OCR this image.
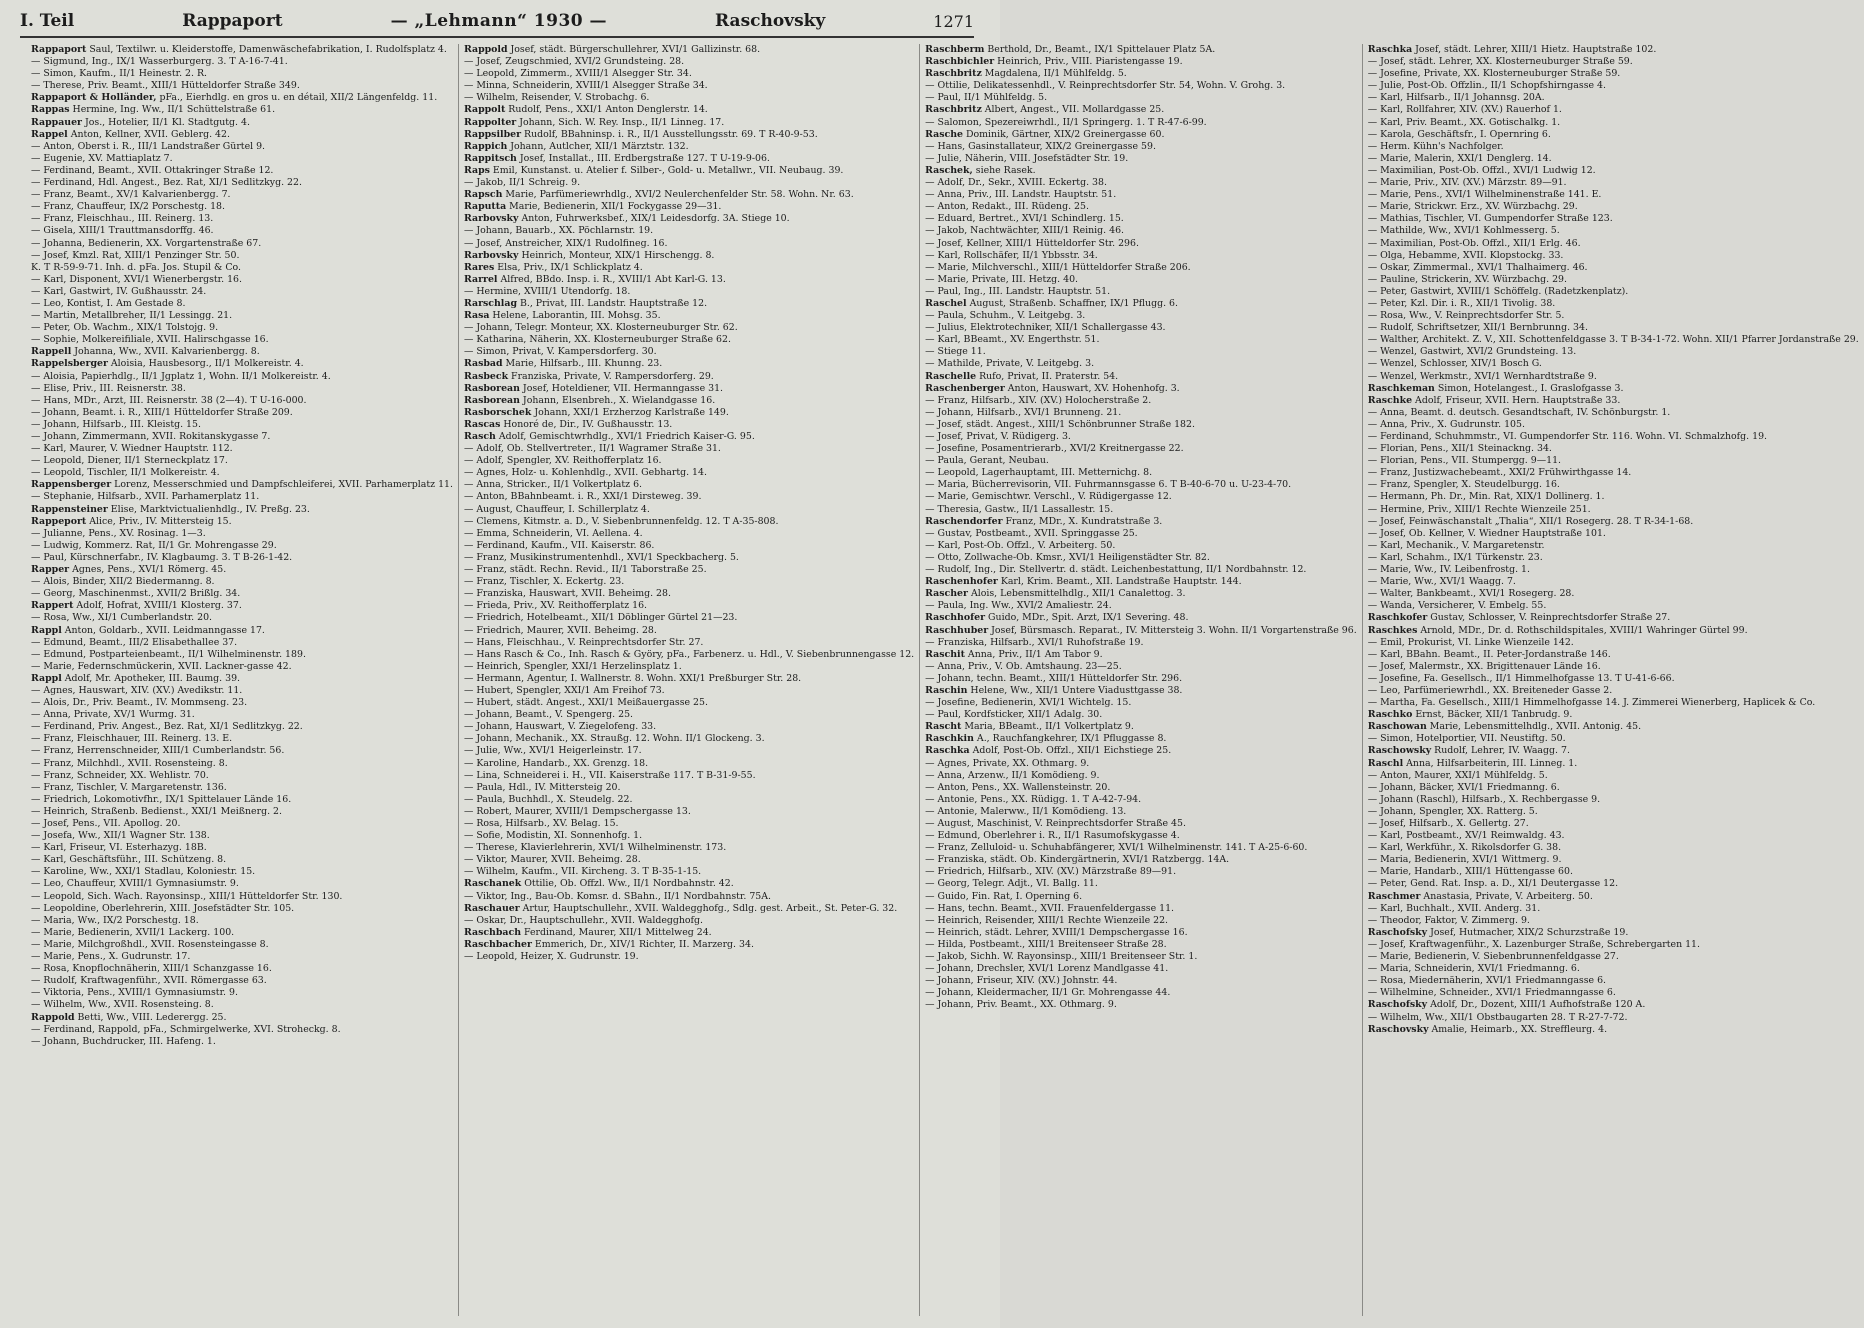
I. Teil	Rappaport	— „Lehmann“ 1930 —	Raschovsky	1271
Rappaport Saul, Textilwr. u. Kleiderstoffe, Damenwäschefabrikation, I. Rudolfsplatz 4.
— Sigmund, Ing., IX/1 Wasserburgerg. 3. T A-16-7-41.
— Simon, Kaufm., II/1 Heinestr. 2. R.
— Therese, Priv. Beamt., XIII/1 Hütteldorfer Straße 349.
Rappaport & Holländer, pFa., Eierhdlg. en gros u. en détail, XII/2 Längenfeldg. 11.
Rappas Hermine, Ing. Ww., II/1 Schüttelstraße 61.
Rappauer Jos., Hotelier, II/1 Kl. Stadtgutg. 4.
Rappel Anton, Kellner, XVII. Geblerg. 42.
— Anton, Oberst i. R., III/1 Landstraßer Gürtel 9.
— Eugenie, XV. Mattiaplatz 7.
— Ferdinand, Beamt., XVII. Ottakringer Straße 12.
— Ferdinand, Hdl. Angest., Bez. Rat, XI/1 Sedlitzkyg. 22.
— Franz, Beamt., XV/1 Kalvarienbergg. 7.
— Franz, Chauffeur, IX/2 Porschestg. 18.
— Franz, Fleischhau., III. Reinerg. 13.
— Gisela, XIII/1 Trauttmansdorffg. 46.
— Johanna, Bedienerin, XX. Vorgartenstraße 67.
— Josef, Kmzl. Rat, XIII/1 Penzinger Str. 50.
K. T R-59-9-71. Inh. d. pFa. Jos. Stupil & Co.
— Karl, Disponent, XVI/1 Wienerbergstr. 16.
— Karl, Gastwirt, IV. Gußhausstr. 24.
— Leo, Kontist, I. Am Gestade 8.
— Martin, Metallbreher, II/1 Lessingg. 21.
— Peter, Ob. Wachm., XIX/1 Tolstojg. 9.
— Sophie, Molkereifiliale, XVII. Halirschgasse 16.
Rappell Johanna, Ww., XVII. Kalvarienbergg. 8.
Rappelsberger Aloisia, Hausbesorg., II/1 Molkereistr. 4.
— Aloisia, Papierhdlg., II/1 Jgplatz 1, Wohn. II/1 Molkereistr. 4.
— Elise, Priv., III. Reisnerstr. 38.
— Hans, MDr., Arzt, III. Reisnerstr. 38 (2—4). T U-16-000.
— Johann, Beamt. i. R., XIII/1 Hütteldorfer Straße 209.
— Johann, Hilfsarb., III. Kleistg. 15.
— Johann, Zimmermann, XVII. Rokitanskygasse 7.
— Karl, Maurer, V. Wiedner Hauptstr. 112.
— Leopold, Diener, II/1 Sterneckplatz 17.
— Leopold, Tischler, II/1 Molkereistr. 4.
Rappensberger Lorenz, Messerschmied und Dampfschleiferei, XVII. Parhamerplatz 11.
— Stephanie, Hilfsarb., XVII. Parhamerplatz 11.
Rappensteiner Elise, Marktvictualienhdlg., IV. Preßg. 23.
Rappeport Alice, Priv., IV. Mittersteig 15.
— Julianne, Pens., XV. Rosinag. 1—3.
— Ludwig, Kommerz. Rat, II/1 Gr. Mohrengasse 29.
— Paul, Kürschnerfabr., IV. Klagbaumg. 3. T B-26-1-42.
Rapper Agnes, Pens., XVI/1 Römerg. 45.
— Alois, Binder, XII/2 Biedermanng. 8.
— Georg, Maschinenmst., XVII/2 Brißlg. 34.
Rappert Adolf, Hofrat, XVIII/1 Klosterg. 37.
— Rosa, Ww., XI/1 Cumberlandstr. 20.
Rappl Anton, Goldarb., XVII. Leidmanngasse 17.
— Edmund, Beamt., III/2 Elisabethallee 37.
— Edmund, Postparteienbeamt., II/1 Wilhelminenstr. 189.
— Marie, Federnschmückerin, XVII. Lackner-gasse 42.
Rappl Adolf, Mr. Apotheker, III. Baumg. 39.
— Agnes, Hauswart, XIV. (XV.) Avedikstr. 11.
— Alois, Dr., Priv. Beamt., IV. Mommseng. 23.
— Anna, Private, XV/1 Wurmg. 31.
— Ferdinand, Priv. Angest., Bez. Rat, XI/1 Sedlitzkyg. 22.
— Franz, Fleischhauer, III. Reinerg. 13. E.
— Franz, Herrenschneider, XIII/1 Cumberlandstr. 56.
— Franz, Milchhdl., XVII. Rosensteing. 8.
— Franz, Schneider, XX. Wehlistr. 70.
— Franz, Tischler, V. Margaretenstr. 136.
— Friedrich, Lokomotivfhr., IX/1 Spittelauer Lände 16.
— Heinrich, Straßenb. Bedienst., XXI/1 Meißnerg. 2.
— Josef, Pens., VII. Apollog. 20.
— Josefa, Ww., XII/1 Wagner Str. 138.
— Karl, Friseur, VI. Esterhazyg. 18B.
— Karl, Geschäftsführ., III. Schützeng. 8.
— Karoline, Ww., XXI/1 Stadlau, Koloniestr. 15.
— Leo, Chauffeur, XVIII/1 Gymnasiumstr. 9.
— Leopold, Sich. Wach. Rayonsinsp., XIII/1 Hütteldorfer Str. 130.
— Leopoldine, Oberlehrerin, XIII. Josefstädter Str. 105.
— Maria, Ww., IX/2 Porschestg. 18.
— Marie, Bedienerin, XVII/1 Lackerg. 100.
— Marie, Milchgroßhdl., XVII. Rosensteingasse 8.
— Marie, Pens., X. Gudrunstr. 17.
— Rosa, Knopflochnäherin, XIII/1 Schanzgasse 16.
— Rudolf, Kraftwagenführ., XVII. Römergasse 63.
— Viktoria, Pens., XVIII/1 Gymnasiumstr. 9.
— Wilhelm, Ww., XVII. Rosensteing. 8.
Rappold Betti, Ww., VIII. Lederergg. 25.
— Ferdinand, Rappold, pFa., Schmirgelwerke, XVI. Stroheckg. 8.
— Johann, Buchdrucker, III. Hafeng. 1.
Rappold Josef, städt. Bürgerschullehrer, XVI/1 Gallizinstr. 68.
— Josef, Zeugschmied, XVI/2 Grundsteing. 28.
— Leopold, Zimmerm., XVIII/1 Alsegger Str. 34.
— Minna, Schneiderin, XVIII/1 Alsegger Straße 34.
— Wilhelm, Reisender, V. Strobachg. 6.
Rappolt Rudolf, Pens., XXI/1 Anton Denglerstr. 14.
Rappolter Johann, Sich. W. Rey. Insp., II/1 Linneg. 17.
Rappsilber Rudolf, BBahninsp. i. R., II/1 Ausstellungsstr. 69. T R-40-9-53.
Rappich Johann, Autlcher, XII/1 Märztstr. 132.
Rappitsch Josef, Installat., III. Erdbergstraße 127. T U-19-9-06.
Raps Emil, Kunstanst. u. Atelier f. Silber-, Gold- u. Metallwr., VII. Neubaug. 39.
— Jakob, II/1 Schreig. 9.
Rapsch Marie, Parfümeriewrhdlg., XVI/2 Neulerchenfelder Str. 58. Wohn. Nr. 63.
Raputta Marie, Bedienerin, XII/1 Fockygasse 29—31.
Rarbovsky Anton, Fuhrwerksbef., XIX/1 Leidesdorfg. 3A. Stiege 10.
— Johann, Bauarb., XX. Pöchlarnstr. 19.
— Josef, Anstreicher, XIX/1 Rudolfineg. 16.
Rarbovsky Heinrich, Monteur, XIX/1 Hirschengg. 8.
Rares Elsa, Priv., IX/1 Schlickplatz 4.
Rarrel Alfred, BBdo. Insp. i. R., XVIII/1 Abt Karl-G. 13.
— Hermine, XVIII/1 Utendorfg. 18.
Rarschlag B., Privat, III. Landstr. Hauptstraße 12.
Rasa Helene, Laborantin, III. Mohsg. 35.
— Johann, Telegr. Monteur, XX. Klosterneuburger Str. 62.
— Katharina, Näherin, XX. Klosterneuburger Straße 62.
— Simon, Privat, V. Kampersdorferg. 30.
Rasbad Marie, Hilfsarb., III. Khunng. 23.
Rasbeck Franziska, Private, V. Rampersdorferg. 29.
Rasborean Josef, Hoteldiener, VII. Hermanngasse 31.
Rasborean Johann, Elsenbreh., X. Wielandgasse 16.
Rasborschek Johann, XXI/1 Erzherzog Karlstraße 149.
Rascas Honoré de, Dir., IV. Gußhausstr. 13.
Rasch Adolf, Gemischtwrhdlg., XVI/1 Friedrich Kaiser-G. 95.
— Adolf, Ob. Stellvertreter., II/1 Wagramer Straße 31.
— Adolf, Spengler, XV. Reithofferplatz 16.
— Agnes, Holz- u. Kohlenhdlg., XVII. Gebhartg. 14.
— Anna, Stricker., II/1 Volkertplatz 6.
— Anton, BBahnbeamt. i. R., XXI/1 Dirsteweg. 39.
— August, Chauffeur, I. Schillerplatz 4.
— Clemens, Kitmstr. a. D., V. Siebenbrunnenfeldg. 12. T A-35-808.
— Emma, Schneiderin, VI. Aellena. 4.
— Ferdinand, Kaufm., VII. Kaiserstr. 86.
— Franz, Musikinstrumentenhdl., XVI/1 Speckbacherg. 5.
— Franz, städt. Rechn. Revid., II/1 Taborstraße 25.
— Franz, Tischler, X. Eckertg. 23.
— Franziska, Hauswart, XVII. Beheimg. 28.
— Frieda, Priv., XV. Reithofferplatz 16.
— Friedrich, Hotelbeamt., XII/1 Döblinger Gürtel 21—23.
— Friedrich, Maurer, XVII. Beheimg. 28.
— Hans, Fleischhau., V. Reinprechtsdorfer Str. 27.
— Hans Rasch & Co., Inh. Rasch & Györy, pFa., Farbenerz. u. Hdl., V. Siebenbrunnengasse 12.
— Heinrich, Spengler, XXI/1 Herzelinsplatz 1.
— Hermann, Agentur, I. Wallnerstr. 8. Wohn. XXI/1 Preßburger Str. 28.
— Hubert, Spengler, XXI/1 Am Freihof 73.
— Hubert, städt. Angest., XXI/1 Meißauergasse 25.
— Johann, Beamt., V. Spengerg. 25.
— Johann, Hauswart, V. Ziegelofeng. 33.
— Johann, Mechanik., XX. Straußg. 12. Wohn. II/1 Glockeng. 3.
— Julie, Ww., XVI/1 Heigerleinstr. 17.
— Karoline, Handarb., XX. Grenzg. 18.
— Lina, Schneiderei i. H., VII. Kaiserstraße 117. T B-31-9-55.
— Paula, Hdl., IV. Mittersteig 20.
— Paula, Buchhdl., X. Steudelg. 22.
— Robert, Maurer, XVIII/1 Dempschergasse 13.
— Rosa, Hilfsarb., XV. Belag. 15.
— Sofie, Modistin, XI. Sonnenhofg. 1.
— Therese, Klavierlehrerin, XVI/1 Wilhelminenstr. 173.
— Viktor, Maurer, XVII. Beheimg. 28.
— Wilhelm, Kaufm., VII. Kircheng. 3. T B-35-1-15.
Raschanek Ottilie, Ob. Offzl. Ww., II/1 Nordbahnstr. 42.
— Viktor, Ing., Bau-Ob. Komsr. d. SBahn., II/1 Nordbahnstr. 75A.
Raschauer Artur, Hauptschullehr., XVII. Waldegghofg., Sdlg. gest. Arbeit., St. Peter-G. 32.
— Oskar, Dr., Hauptschullehr., XVII. Waldegghofg.
Raschbach Ferdinand, Maurer, XII/1 Mittelweg 24.
Raschbacher Emmerich, Dr., XIV/1 Richter, II. Marzerg. 34.
— Leopold, Heizer, X. Gudrunstr. 19.
Raschberm Berthold, Dr., Beamt., IX/1 Spittelauer Platz 5A.
Raschbichler Heinrich, Priv., VIII. Piaristengasse 19.
Raschbritz Magdalena, II/1 Mühlfeldg. 5.
— Ottilie, Delikatessenhdl., V. Reinprechtsdorfer Str. 54, Wohn. V. Grohg. 3.
— Paul, II/1 Mühlfeldg. 5.
Raschbritz Albert, Angest., VII. Mollardgasse 25.
— Salomon, Spezereiwrhdl., II/1 Springerg. 1. T R-47-6-99.
Rasche Dominik, Gärtner, XIX/2 Greinergasse 60.
— Hans, Gasinstallateur, XIX/2 Greinergasse 59.
— Julie, Näherin, VIII. Josefstädter Str. 19.
Raschek, siehe Rasek.
— Adolf, Dr., Sekr., XVIII. Eckertg. 38.
— Anna, Priv., III. Landstr. Hauptstr. 51.
— Anton, Redakt., III. Rüdeng. 25.
— Eduard, Bertret., XVI/1 Schindlerg. 15.
— Jakob, Nachtwächter, XIII/1 Reinig. 46.
— Josef, Kellner, XIII/1 Hütteldorfer Str. 296.
— Karl, Rollschäfer, II/1 Ybbsstr. 34.
— Marie, Milchverschl., XIII/1 Hütteldorfer Straße 206.
— Marie, Private, III. Hetzg. 40.
— Paul, Ing., III. Landstr. Hauptstr. 51.
Raschel August, Straßenb. Schaffner, IX/1 Pflugg. 6.
— Paula, Schuhm., V. Leitgebg. 3.
— Julius, Elektrotechniker, XII/1 Schallergasse 43.
— Karl, BBeamt., XV. Engerthstr. 51.
— Stiege 11.
— Mathilde, Private, V. Leitgebg. 3.
Raschelle Rufo, Privat, II. Praterstr. 54.
Raschenberger Anton, Hauswart, XV. Hohenhofg. 3.
— Franz, Hilfsarb., XIV. (XV.) Holocherstraße 2.
— Johann, Hilfsarb., XVI/1 Brunneng. 21.
— Josef, städt. Angest., XIII/1 Schönbrunner Straße 182.
— Josef, Privat, V. Rüdigerg. 3.
— Josefine, Posamentrierarb., XVI/2 Kreitnergasse 22.
— Paula, Gerant, Neubau.
— Leopold, Lagerhauptamt, III. Metternichg. 8.
— Maria, Bücherrevisorin, VII. Fuhrmannsgasse 6. T B-40-6-70 u. U-23-4-70.
— Marie, Gemischtwr. Verschl., V. Rüdigergasse 12.
— Theresia, Gastw., II/1 Lassallestr. 15.
Raschendorfer Franz, MDr., X. Kundratstraße 3.
— Gustav, Postbeamt., XVII. Springgasse 25.
— Karl, Post-Ob. Offzl., V. Arbeiterg. 50.
— Otto, Zollwache-Ob. Kmsr., XVI/1 Heiligenstädter Str. 82.
— Rudolf, Ing., Dir. Stellvertr. d. städt. Leichenbestattung, II/1 Nordbahnstr. 12.
Raschenhofer Karl, Krim. Beamt., XII. Landstraße Hauptstr. 144.
Rascher Alois, Lebensmittelhdlg., XII/1 Canalettog. 3.
— Paula, Ing. Ww., XVI/2 Amaliestr. 24.
Raschhofer Guido, MDr., Spit. Arzt, IX/1 Severing. 48.
Raschhuber Josef, Bürsmasch. Reparat., IV. Mittersteig 3. Wohn. II/1 Vorgartenstraße 96.
— Franziska, Hilfsarb., XVI/1 Ruhofstraße 19.
Raschit Anna, Priv., II/1 Am Tabor 9.
— Anna, Priv., V. Ob. Amtshaung. 23—25.
— Johann, techn. Beamt., XIII/1 Hütteldorfer Str. 296.
Raschin Helene, Ww., XII/1 Untere Viadusttgasse 38.
— Josefine, Bedienerin, XVI/1 Wichtelg. 15.
— Paul, Kordfsticker, XII/1 Adalg. 30.
Rascht Maria, BBeamt., II/1 Volkertplatz 9.
Raschkin A., Rauchfangkehrer, IX/1 Pfluggasse 8.
Raschka Adolf, Post-Ob. Offzl., XII/1 Eichstiege 25.
— Agnes, Private, XX. Othmarg. 9.
— Anna, Arzenw., II/1 Komödieng. 9.
— Anton, Pens., XX. Wallensteinstr. 20.
— Antonie, Pens., XX. Rüdigg. 1. T A-42-7-94.
— Antonie, Malerww., II/1 Komödieng. 13.
— August, Maschinist, V. Reinprechtsdorfer Straße 45.
— Edmund, Oberlehrer i. R., II/1 Rasumofskygasse 4.
— Franz, Zelluloid- u. Schuhabfängerer, XVI/1 Wilhelminenstr. 141. T A-25-6-60.
— Franziska, städt. Ob. Kindergärtnerin, XVI/1 Ratzbergg. 14A.
— Friedrich, Hilfsarb., XIV. (XV.) Märzstraße 89—91.
— Georg, Telegr. Adjt., VI. Ballg. 11.
— Guido, Fin. Rat, I. Operning 6.
— Hans, techn. Beamt., XVII. Frauenfeldergasse 11.
— Heinrich, Reisender, XIII/1 Rechte Wienzeile 22.
— Heinrich, städt. Lehrer, XVIII/1 Dempschergasse 16.
— Hilda, Postbeamt., XIII/1 Breitenseer Straße 28.
— Jakob, Sichh. W. Rayonsinsp., XIII/1 Breitenseer Str. 1.
— Johann, Drechsler, XVI/1 Lorenz Mandlgasse 41.
— Johann, Friseur, XIV. (XV.) Johnstr. 44.
— Johann, Kleidermacher, II/1 Gr. Mohrengasse 44.
— Johann, Priv. Beamt., XX. Othmarg. 9.
Raschka Josef, städt. Lehrer, XIII/1 Hietz. Hauptstraße 102.
— Josef, städt. Lehrer, XX. Klosterneuburger Straße 59.
— Josefine, Private, XX. Klosterneuburger Straße 59.
— Julie, Post-Ob. Offzlin., II/1 Schopfshirngasse 4.
— Karl, Hilfsarb., II/1 Johannsg. 20A.
— Karl, Rollfahrer, XIV. (XV.) Rauerhof 1.
— Karl, Priv. Beamt., XX. Gotischalkg. 1.
— Karola, Geschäftsfr., I. Opernring 6.
— Herm. Kühn's Nachfolger.
— Marie, Malerin, XXI/1 Denglerg. 14.
— Maximilian, Post-Ob. Offzl., XVI/1 Ludwig 12.
— Marie, Priv., XIV. (XV.) Märzstr. 89—91.
— Marie, Pens., XVI/1 Wilhelminenstraße 141. E.
— Marie, Strickwr. Erz., XV. Würzbachg. 29.
— Mathias, Tischler, VI. Gumpendorfer Straße 123.
— Mathilde, Ww., XVI/1 Kohlmesserg. 5.
— Maximilian, Post-Ob. Offzl., XII/1 Erlg. 46.
— Olga, Hebamme, XVII. Klopstockg. 33.
— Oskar, Zimmermal., XVI/1 Thalhaimerg. 46.
— Pauline, Strickerin, XV. Würzbachg. 29.
— Peter, Gastwirt, XVIII/1 Schöffelg. (Radetzkenplatz).
— Peter, Kzl. Dir. i. R., XII/1 Tivolig. 38.
— Rosa, Ww., V. Reinprechtsdorfer Str. 5.
— Rudolf, Schriftsetzer, XII/1 Bernbrunng. 34.
— Walther, Architekt. Z. V., XII. Schottenfeldgasse 3. T B-34-1-72. Wohn. XII/1 Pfarrer Jordanstraße 29.
— Wenzel, Gastwirt, XVI/2 Grundsteing. 13.
— Wenzel, Schlosser, XIV/1 Bosch G.
— Wenzel, Werkmstr., XVI/1 Wernhardtstraße 9.
Raschkeman Simon, Hotelangest., I. Graslofgasse 3.
Raschke Adolf, Friseur, XVII. Hern. Hauptstraße 33.
— Anna, Beamt. d. deutsch. Gesandtschaft, IV. Schönburgstr. 1.
— Anna, Priv., X. Gudrunstr. 105.
— Ferdinand, Schuhmmstr., VI. Gumpendorfer Str. 116. Wohn. VI. Schmalzhofg. 19.
— Florian, Pens., XII/1 Steinackng. 34.
— Florian, Pens., VII. Stumpergg. 9—11.
— Franz, Justizwachebeamt., XXI/2 Frühwirthgasse 14.
— Franz, Spengler, X. Steudelburgg. 16.
— Hermann, Ph. Dr., Min. Rat, XIX/1 Dollinerg. 1.
— Hermine, Priv., XIII/1 Rechte Wienzeile 251.
— Josef, Feinwäschanstalt „Thalia“, XII/1 Rosegerg. 28. T R-34-1-68.
— Josef, Ob. Kellner, V. Wiedner Hauptstraße 101.
— Karl, Mechanik., V. Margaretenstr.
— Karl, Schahm., IX/1 Türkenstr. 23.
— Marie, Ww., IV. Leibenfrostg. 1.
— Marie, Ww., XVI/1 Waagg. 7.
— Walter, Bankbeamt., XVI/1 Rosegerg. 28.
— Wanda, Versicherer, V. Embelg. 55.
Raschkofer Gustav, Schlosser, V. Reinprechtsdorfer Straße 27.
Raschkes Arnold, MDr., Dr. d. Rothschildspitales, XVIII/1 Wahringer Gürtel 99.
— Emil, Prokurist, VI. Linke Wienzeile 142.
— Karl, BBahn. Beamt., II. Peter-Jordanstraße 146.
— Josef, Malermstr., XX. Brigittenauer Lände 16.
— Josefine, Fa. Gesellsch., II/1 Himmelhofgasse 13. T U-41-6-66.
— Leo, Parfümeriewrhdl., XX. Breiteneder Gasse 2.
— Martha, Fa. Gesellsch., XIII/1 Himmelhofgasse 14. J. Zimmerei Wienerberg, Haplicek & Co.
Raschko Ernst, Bäcker, XII/1 Tanbrudg. 9.
Raschowan Marie, Lebensmittelhdlg., XVII. Antonig. 45.
— Simon, Hotelportier, VII. Neustiftg. 50.
Raschowsky Rudolf, Lehrer, IV. Waagg. 7.
Raschl Anna, Hilfsarbeiterin, III. Linneg. 1.
— Anton, Maurer, XXI/1 Mühlfeldg. 5.
— Johann, Bäcker, XVI/1 Friedmanng. 6.
— Johann (Raschl), Hilfsarb., X. Rechbergasse 9.
— Johann, Spengler, XX. Ratterg. 5.
— Josef, Hilfsarb., X. Gellertg. 27.
— Karl, Postbeamt., XV/1 Reimwaldg. 43.
— Karl, Werkführ., X. Rikolsdorfer G. 38.
— Maria, Bedienerin, XVI/1 Wittmerg. 9.
— Marie, Handarb., XIII/1 Hüttengasse 60.
— Peter, Gend. Rat. Insp. a. D., XI/1 Deutergasse 12.
Raschmer Anastasia, Private, V. Arbeiterg. 50.
— Karl, Buchhalt., XVII. Anderg. 31.
— Theodor, Faktor, V. Zimmerg. 9.
Raschofsky Josef, Hutmacher, XIX/2 Schurzstraße 19.
— Josef, Kraftwagenführ., X. Lazenburger Straße, Schrebergarten 11.
— Marie, Bedienerin, V. Siebenbrunnenfeldgasse 27.
— Maria, Schneiderin, XVI/1 Friedmanng. 6.
— Rosa, Miedernäherin, XVI/1 Friedmanngasse 6.
— Wilhelmine, Schneider., XVI/1 Friedmanngasse 6.
Raschofsky Adolf, Dr., Dozent, XIII/1 Aufhofstraße 120 A.
— Wilhelm, Ww., XII/1 Obstbaugarten 28. T R-27-7-72.
Raschovsky Amalie, Heimarb., XX. Streffleurg. 4.
